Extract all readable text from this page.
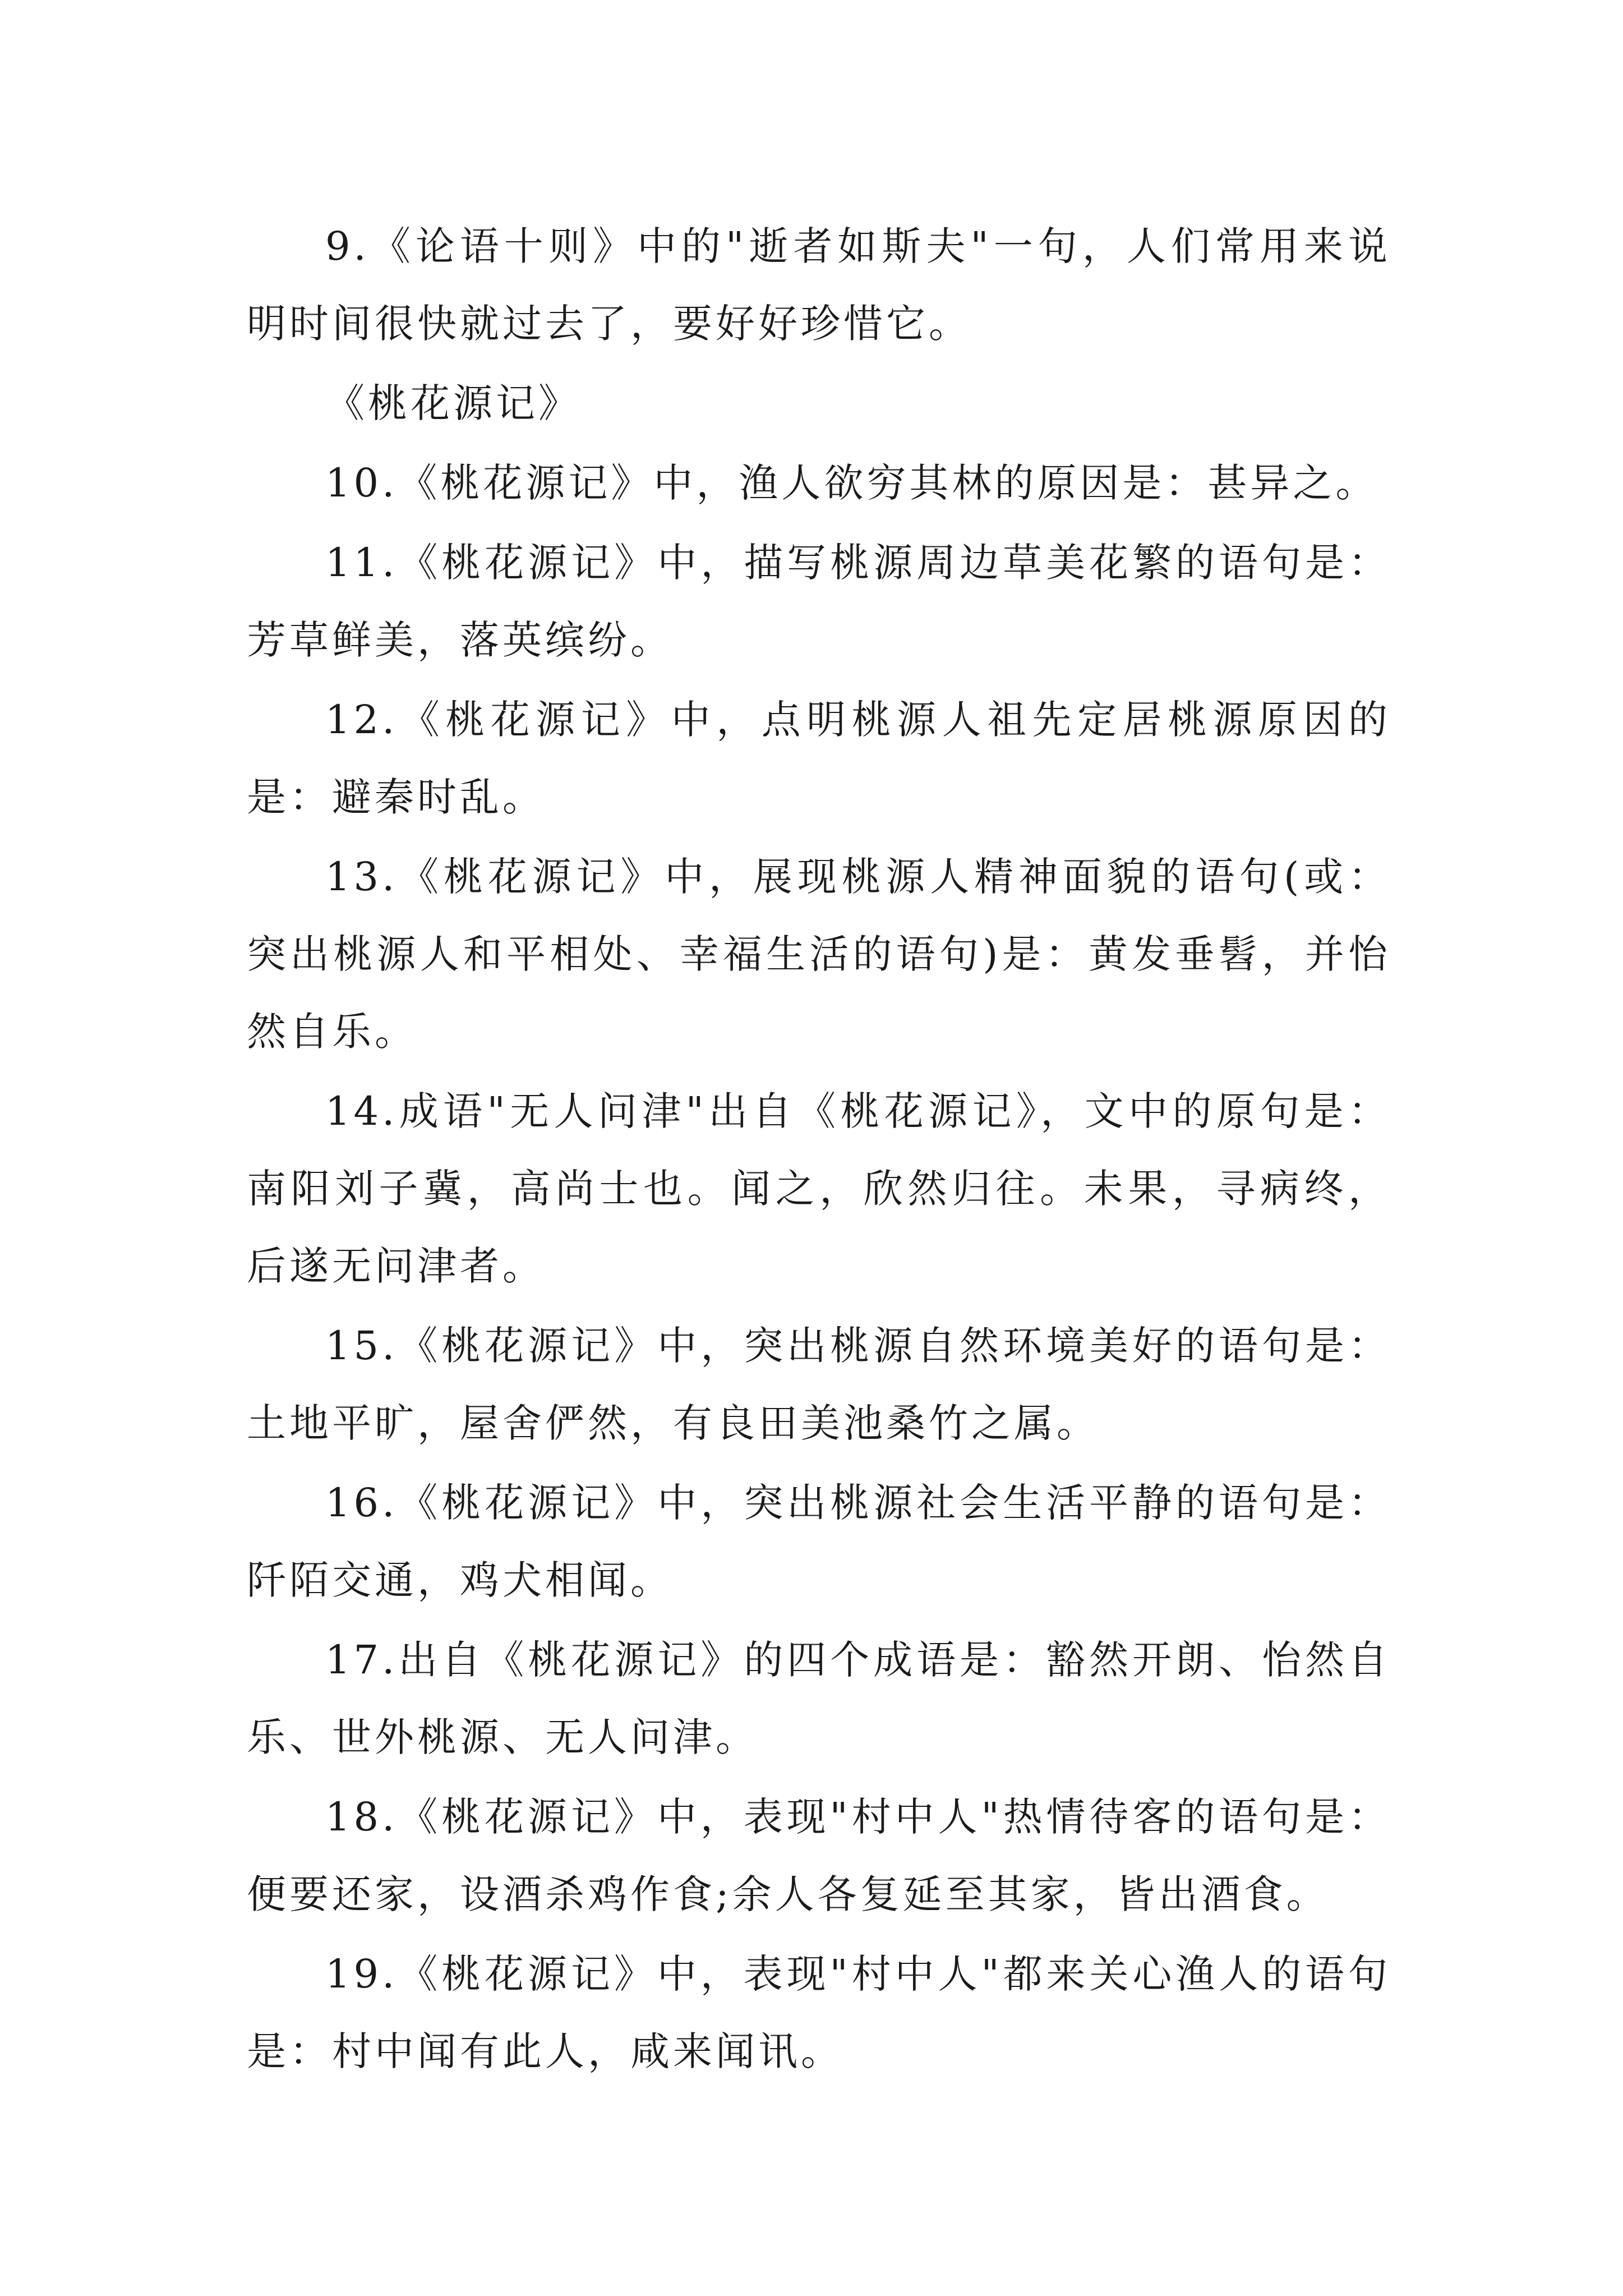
9.《论语十则》中的"逝者如斯夫"一句，人们常用来说明时间很快就过去了，要好好珍惜它。

《桃花源记》

10.《桃花源记》中，渔人欲穷其林的原因是：甚异之。

11.《桃花源记》中，描写桃源周边草美花繁的语句是：芳草鲜美，落英缤纷。

12.《桃花源记》中，点明桃源人祖先定居桃源原因的是：避秦时乱。

13.《桃花源记》中，展现桃源人精神面貌的语句(或：突出桃源人和平相处、幸福生活的语句)是：黄发垂髫，并怡然自乐。

14.成语"无人问津"出自《桃花源记》，文中的原句是：南阳刘子冀，高尚士也。闻之，欣然归往。未果，寻病终，后遂无问津者。

15.《桃花源记》中，突出桃源自然环境美好的语句是：土地平旷，屋舍俨然，有良田美池桑竹之属。

16.《桃花源记》中，突出桃源社会生活平静的语句是：阡陌交通，鸡犬相闻。

17.出自《桃花源记》的四个成语是：豁然开朗、怡然自乐、世外桃源、无人问津。

18.《桃花源记》中，表现"村中人"热情待客的语句是：便要还家，设酒杀鸡作食;余人各复延至其家，皆出酒食。

19.《桃花源记》中，表现"村中人"都来关心渔人的语句是：村中闻有此人，咸来闻讯。
